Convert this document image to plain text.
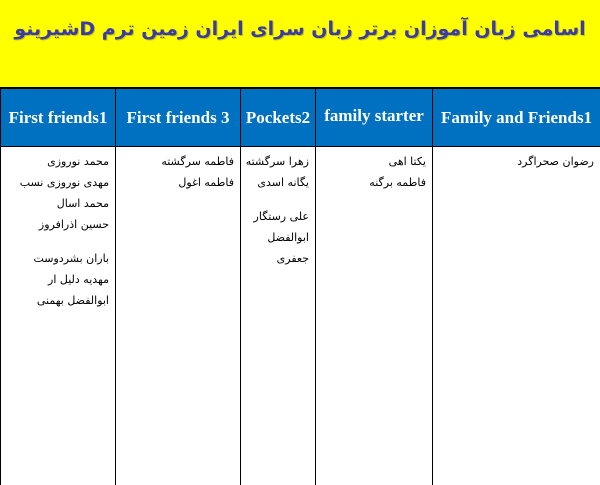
اسامی زبان آموزان برتر زبان سرای ایران زمین ترم Dشیرینو
First friends1
محمد نوروزی
مهدی نوروزی نسب
محمد اسال
حسین اذرافروز
باران بشردوست
مهدیه دلیل ار
ابوالفضل بهمنی
First friends 3
فاطمه سرگشته
فاطمه اغول
Pockets2
زهرا سرگشته
یگانه اسدی
علی رستگار
ابوالفضل
جعفری
family starter
یکتا اهی
فاطمه برگنه
Family and Friends1
رضوان صحراگرد
